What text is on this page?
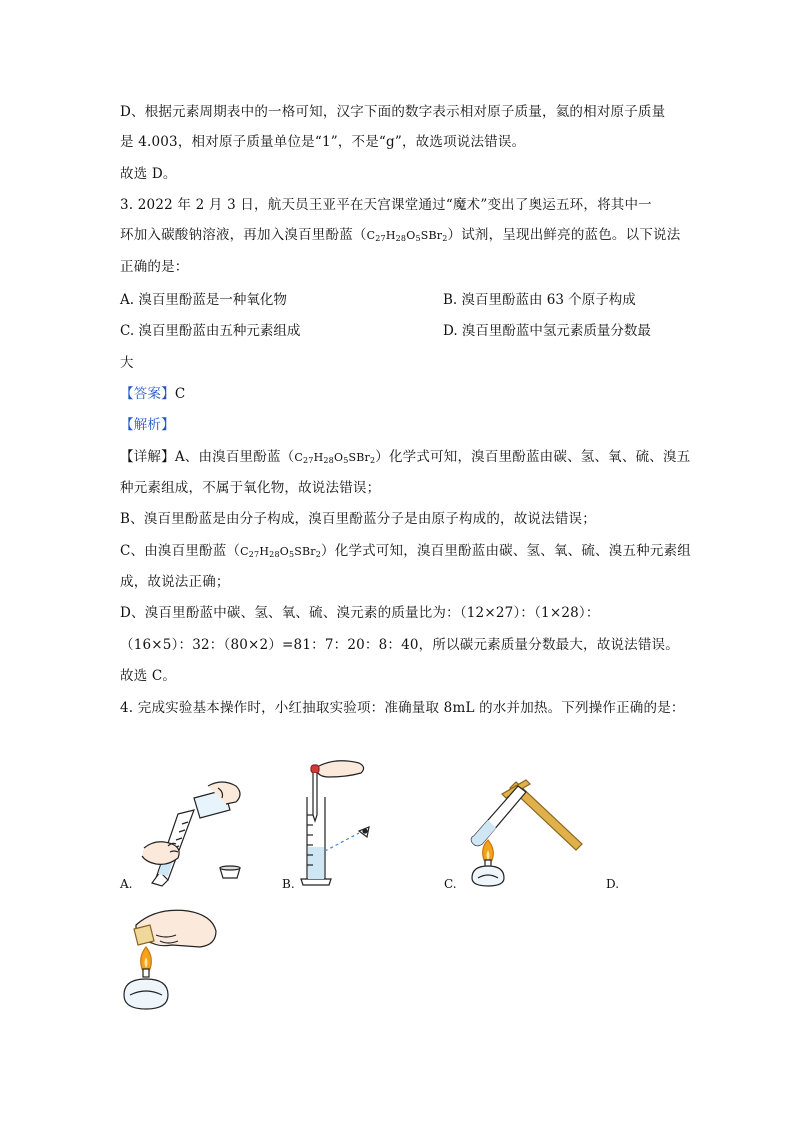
D、根据元素周期表中的一格可知，汉字下面的数字表示相对原子质量，氦的相对原子质量
是 4.003，相对原子质量单位是“1”，不是“g”，故选项说法错误。
故选 D。
3. 2022 年 2 月 3 日，航天员王亚平在天宫课堂通过“魔术”变出了奥运五环，将其中一
环加入碳酸钠溶液，再加入溴百里酚蓝$(C_{27}H_{28}O_5SBr_2)$试剂，呈现出鲜亮的蓝色。以下说法
正确的是：
A. 溴百里酚蓝是一种氧化物	B. 溴百里酚蓝由 63 个原子构成
C. 溴百里酚蓝由五种元素组成	D. 溴百里酚蓝中氢元素质量分数最
大
【答案】C
【解析】
【详解】A、由溴百里酚蓝$(C_{27}H_{28}O_5SBr_2)$化学式可知，溴百里酚蓝由碳、氢、氧、硫、溴五
种元素组成，不属于氧化物，故说法错误；
B、溴百里酚蓝是由分子构成，溴百里酚蓝分子是由原子构成的，故说法错误；
C、由溴百里酚蓝$(C_{27}H_{28}O_5SBr_2)$化学式可知，溴百里酚蓝由碳、氢、氧、硫、溴五种元素组
成，故说法正确；
D、溴百里酚蓝中碳、氢、氧、硫、溴元素的质量比为：（12×27）：（1×28）：
（16×5）：32：（80×2）=81：7：20：8：40，所以碳元素质量分数最大，故说法错误。
故选 C。
4. 完成实验基本操作时，小红抽取实验项：准确量取 8mL 的水并加热。下列操作正确的是：
A.	B.	C.	D.
